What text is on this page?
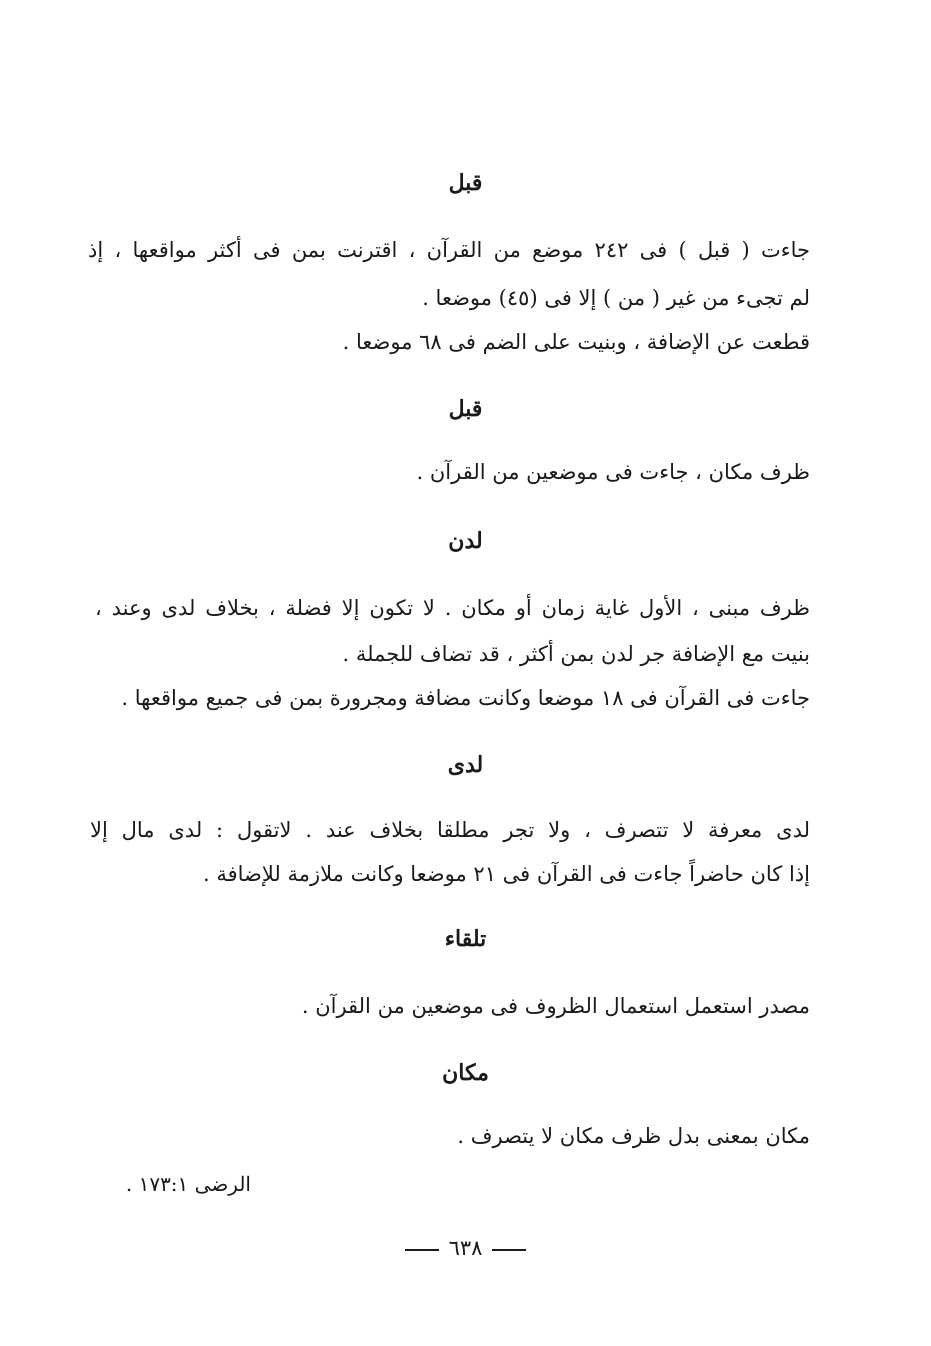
قبل

جاءت ( قبل ) فى ٢٤٢ موضع من القرآن ، اقترنت بمن فى أكثر مواقعها ، إذ

لم تجىء من غير ( من ) إلا فى (٤٥) موضعا .

قطعت عن الإضافة ، وبنيت على الضم فى ٦٨ موضعا .

قبل

ظرف مكان ، جاءت فى موضعين من القرآن .

لدن

ظرف مبنى ، الأول غاية زمان أو مكان . لا تكون إلا فضلة ، بخلاف لدى وعند ،

بنيت مع الإضافة جر لدن بمن أكثر ، قد تضاف للجملة .

جاءت فى القرآن فى ١٨ موضعا وكانت مضافة ومجرورة بمن فى جميع مواقعها .

لدى

لدى معرفة لا تتصرف ، ولا تجر مطلقا بخلاف عند . لاتقول : لدى مال إلا

إذا كان حاضراً جاءت فى القرآن فى ٢١ موضعا وكانت ملازمة للإضافة .

تلقاء

مصدر استعمل استعمال الظروف فى موضعين من القرآن .

مكان

مكان بمعنى بدل ظرف مكان لا يتصرف .

الرضى ١٧٣:١ .
٦٣٨
